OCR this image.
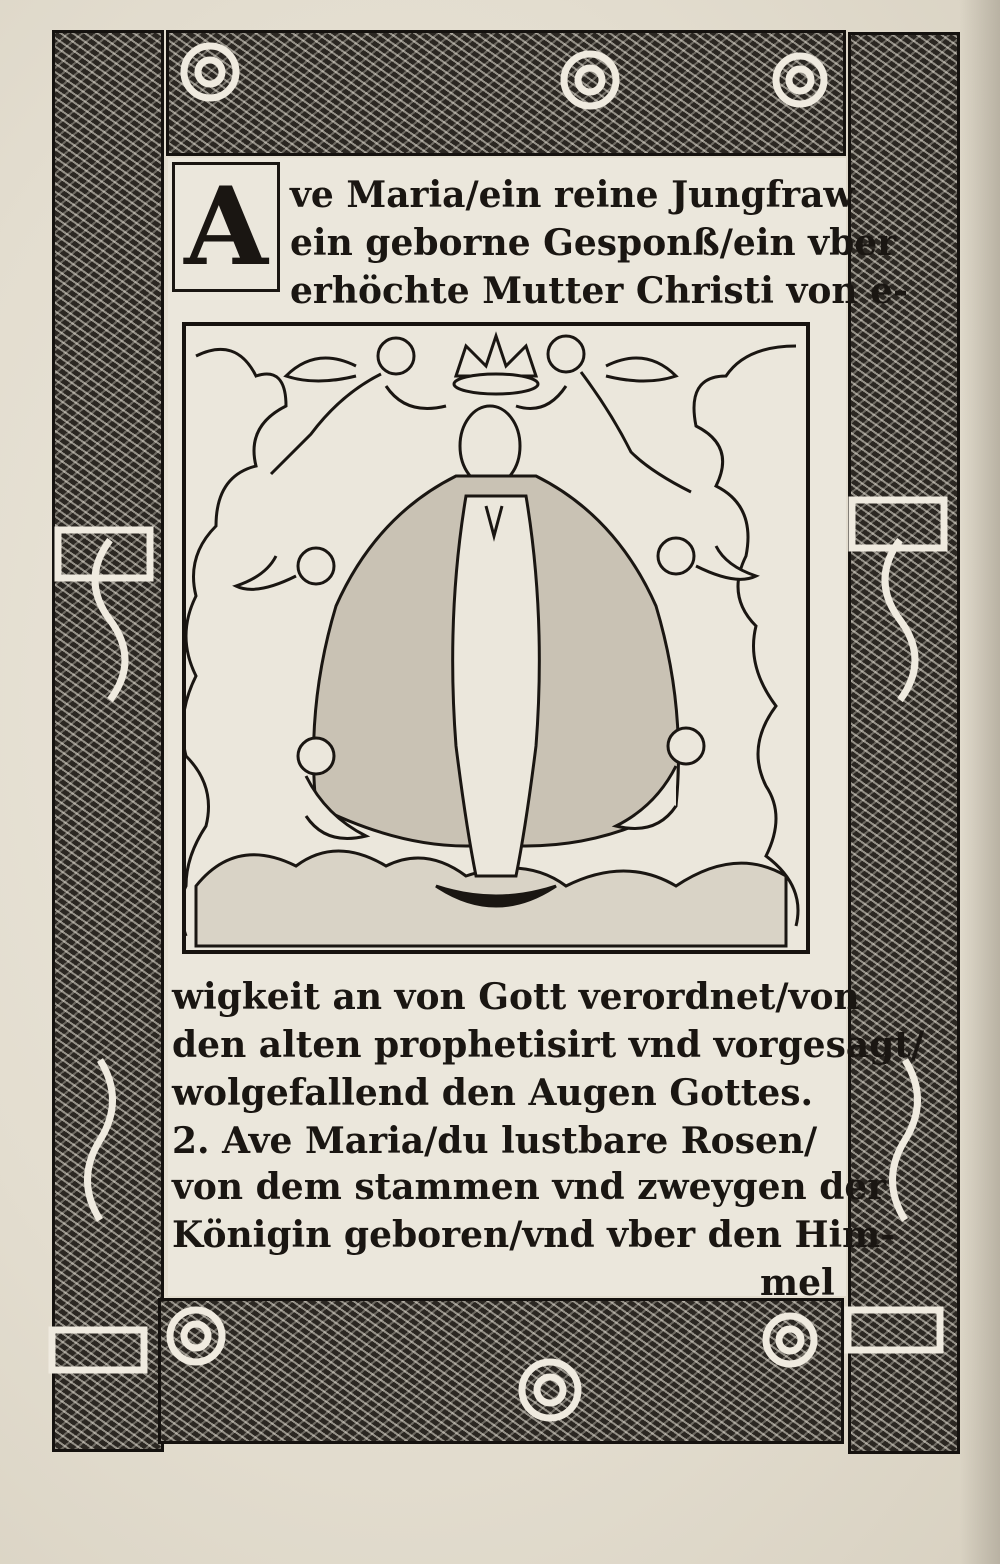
A ve Maria/ein reine Jungfraw
ein geborne Gesponß/ein vber
erhöchte Mutter Christi von e-
wigkeit an von Gott verordnet/von
den alten prophetisirt vnd vorgesagt/
wolgefallend den Augen Gottes.
2. Ave Maria/du lustbare Rosen/
von dem stammen vnd zweygen der
Königin geboren/vnd vber den Him-
mel
